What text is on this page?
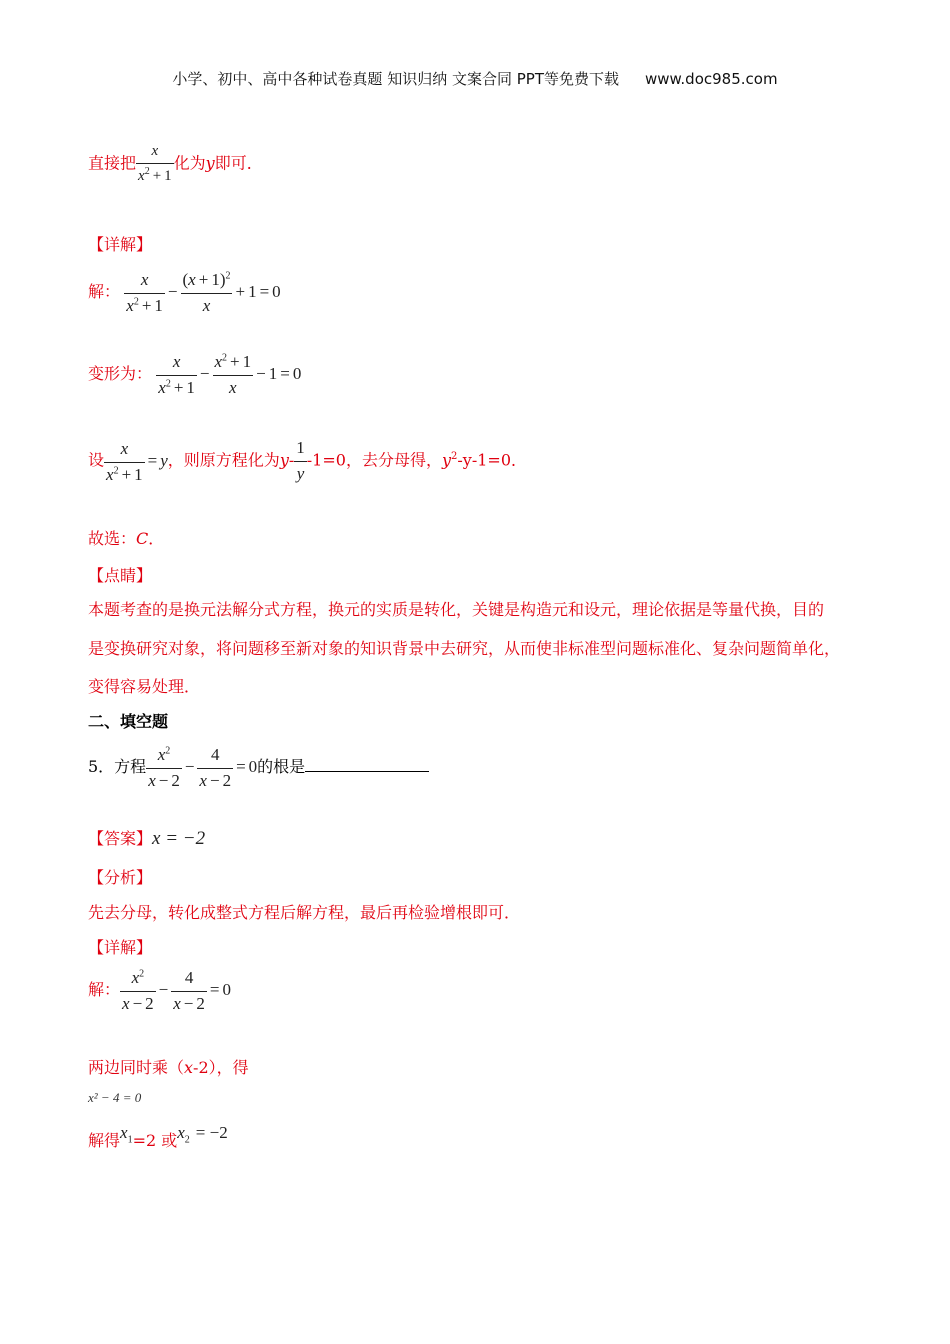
小学、初中、高中各种试卷真题 知识归纳 文案合同 PPT等免费下载 www.doc985.com
直接把 $\frac{x}{x^2 + 1}$ 化为y即可．
【详解】
解： $\frac{x}{x^2 + 1} - \frac{(x + 1)^2}{x} + 1 = 0$
变形为： $\frac{x}{x^2 + 1} - \frac{x^2 + 1}{x} - 1 = 0$
设 $\frac{x}{x^2 + 1} = y$，则原方程化为$y- \frac{1}{y} -1=0$，去分母得，$y^2-y-1=0$．
故选：C．
【点睛】
本题考查的是换元法解分式方程，换元的实质是转化，关键是构造元和设元，理论依据是等量代换，目的
是变换研究对象，将问题移至新对象的知识背景中去研究，从而使非标准型问题标准化、复杂问题简单化，
变得容易处理．
二、填空题
5．方程 $\frac{x^2}{x - 2} - \frac{4}{x - 2} = 0$的根是
【答案】x = −2
【分析】
先去分母，转化成整式方程后解方程，最后再检验增根即可．
【详解】
解： $\frac{x^2}{x - 2} - \frac{4}{x - 2} = 0$
两边同时乘（x-2），得
x² − 4 = 0
解得$x_1=2$ 或$x_2 = -2$
